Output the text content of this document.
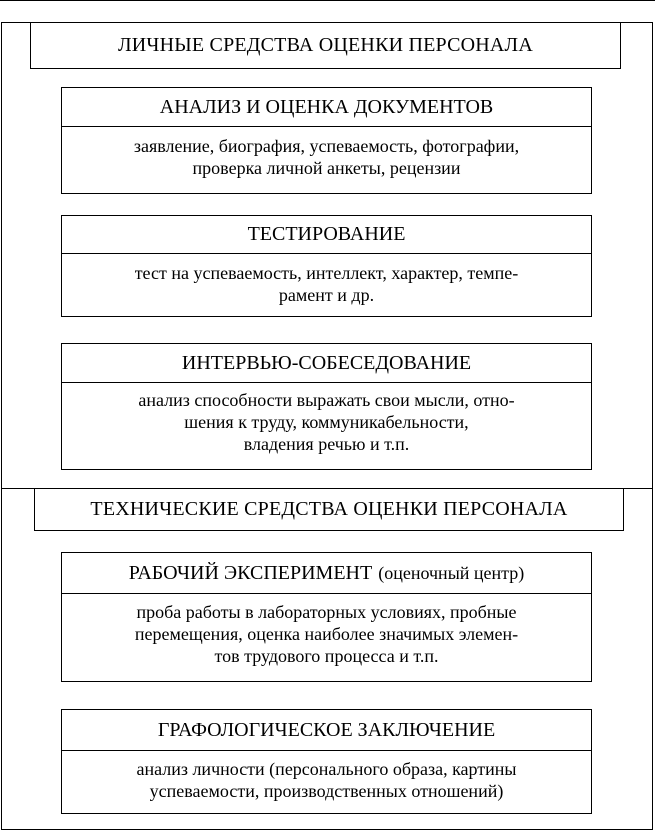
ЛИЧНЫЕ СРЕДСТВА ОЦЕНКИ ПЕРСОНАЛА
АНАЛИЗ И ОЦЕНКА ДОКУМЕНТОВ
заявление, биография, успеваемость, фотографии,
проверка личной анкеты, рецензии
ТЕСТИРОВАНИЕ
тест на успеваемость, интеллект, характер, темпе-
рамент и др.
ИНТЕРВЬЮ-СОБЕСЕДОВАНИЕ
анализ способности выражать свои мысли, отно-
шения к труду, коммуникабельности,
владения речью и т.п.
ТЕХНИЧЕСКИЕ СРЕДСТВА ОЦЕНКИ ПЕРСОНАЛА
РАБОЧИЙ ЭКСПЕРИМЕНТ (оценочный центр)
проба работы в лабораторных условиях, пробные
перемещения, оценка наиболее значимых элемен-
тов трудового процесса и т.п.
ГРАФОЛОГИЧЕСКОЕ ЗАКЛЮЧЕНИЕ
анализ личности (персонального образа, картины
успеваемости, производственных отношений)
